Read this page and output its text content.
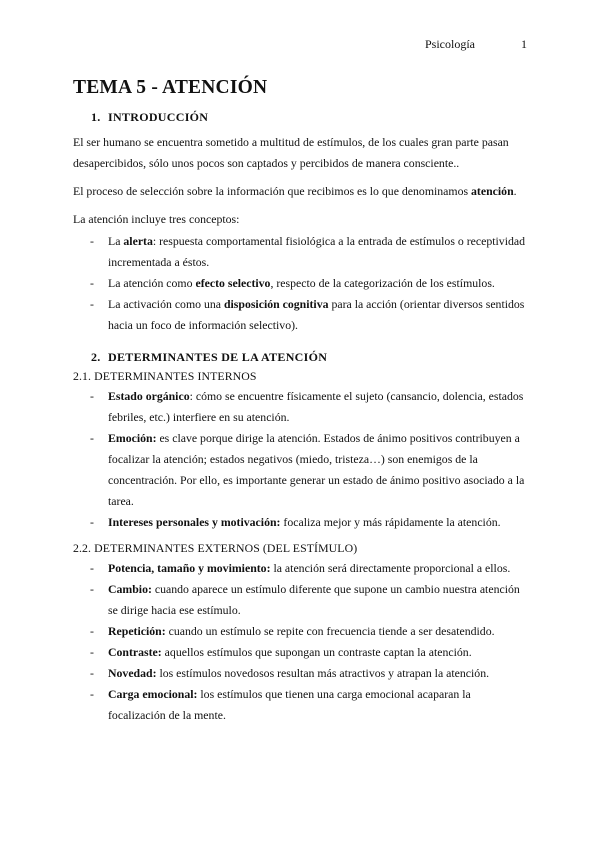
Psicología	1
TEMA 5 - ATENCIÓN
1. INTRODUCCIÓN

El ser humano se encuentra sometido a multitud de estímulos, de los cuales gran parte pasan desapercibidos, sólo unos pocos son captados y percibidos de manera consciente..

El proceso de selección sobre la información que recibimos es lo que denominamos atención.

La atención incluye tres conceptos:

- La alerta: respuesta comportamental fisiológica a la entrada de estímulos o receptividad incrementada a éstos.
- La atención como efecto selectivo, respecto de la categorización de los estímulos.
- La activación como una disposición cognitiva para la acción (orientar diversos sentidos hacia un foco de información selectivo).
2. DETERMINANTES DE LA ATENCIÓN
2.1. DETERMINANTES INTERNOS
- Estado orgánico: cómo se encuentre físicamente el sujeto (cansancio, dolencia, estados febriles, etc.) interfiere en su atención.
- Emoción: es clave porque dirige la atención. Estados de ánimo positivos contribuyen a focalizar la atención; estados negativos (miedo, tristeza…) son enemigos de la concentración. Por ello, es importante generar un estado de ánimo positivo asociado a la tarea.
- Intereses personales y motivación: focaliza mejor y más rápidamente la atención.
2.2. DETERMINANTES EXTERNOS (DEL ESTÍMULO)
- Potencia, tamaño y movimiento: la atención será directamente proporcional a ellos.
- Cambio: cuando aparece un estímulo diferente que supone un cambio nuestra atención se dirige hacia ese estímulo.
- Repetición: cuando un estímulo se repite con frecuencia tiende a ser desatendido.
- Contraste: aquellos estímulos que supongan un contraste captan la atención.
- Novedad: los estímulos novedosos resultan más atractivos y atrapan la atención.
- Carga emocional: los estímulos que tienen una carga emocional acaparan la focalización de la mente.
